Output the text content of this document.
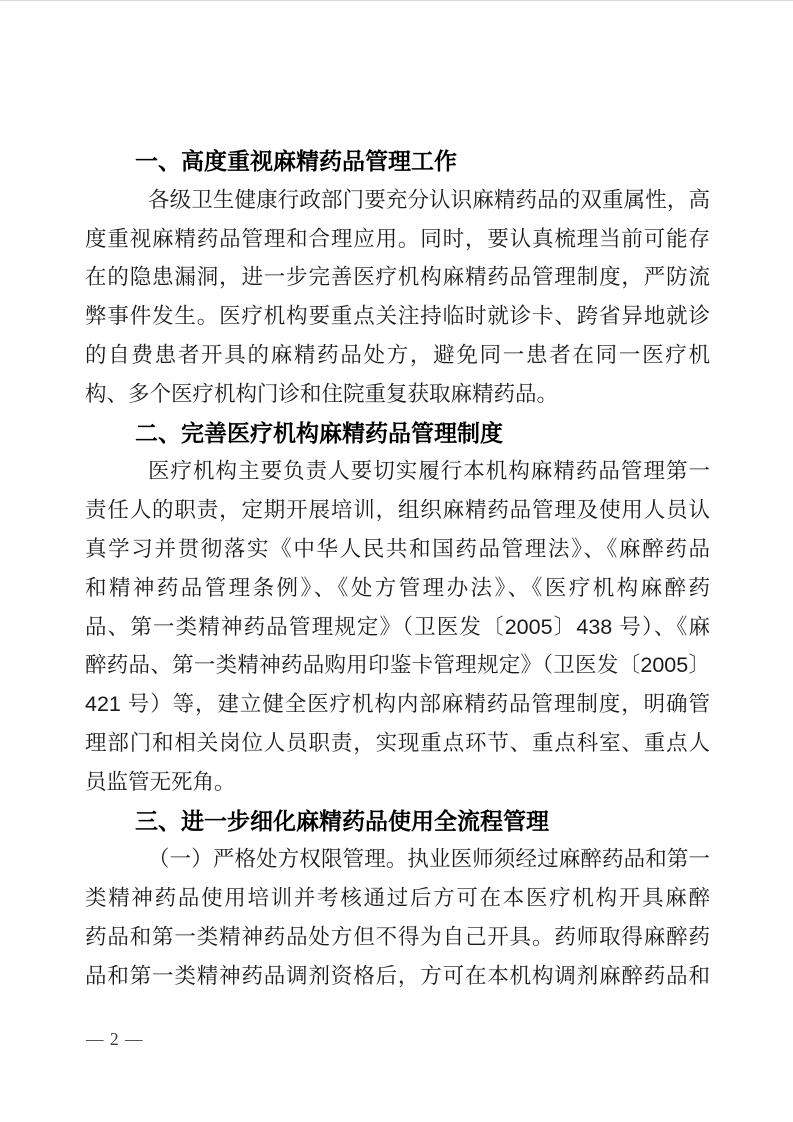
一、高度重视麻精药品管理工作
各级卫生健康行政部门要充分认识麻精药品的双重属性，高
度重视麻精药品管理和合理应用。同时，要认真梳理当前可能存
在的隐患漏洞，进一步完善医疗机构麻精药品管理制度，严防流
弊事件发生。医疗机构要重点关注持临时就诊卡、跨省异地就诊
的自费患者开具的麻精药品处方，避免同一患者在同一医疗机
构、多个医疗机构门诊和住院重复获取麻精药品。
二、完善医疗机构麻精药品管理制度
医疗机构主要负责人要切实履行本机构麻精药品管理第一
责任人的职责，定期开展培训，组织麻精药品管理及使用人员认
真学习并贯彻落实《中华人民共和国药品管理法》、《麻醉药品
和精神药品管理条例》、《处方管理办法》、《医疗机构麻醉药
品、第一类精神药品管理规定》（卫医发〔2005〕438 号）、《麻
醉药品、第一类精神药品购用印鉴卡管理规定》（卫医发〔2005〕
421 号）等，建立健全医疗机构内部麻精药品管理制度，明确管
理部门和相关岗位人员职责，实现重点环节、重点科室、重点人
员监管无死角。
三、进一步细化麻精药品使用全流程管理
（一）严格处方权限管理。执业医师须经过麻醉药品和第一
类精神药品使用培训并考核通过后方可在本医疗机构开具麻醉
药品和第一类精神药品处方但不得为自己开具。药师取得麻醉药
品和第一类精神药品调剂资格后，方可在本机构调剂麻醉药品和
— 2 —
